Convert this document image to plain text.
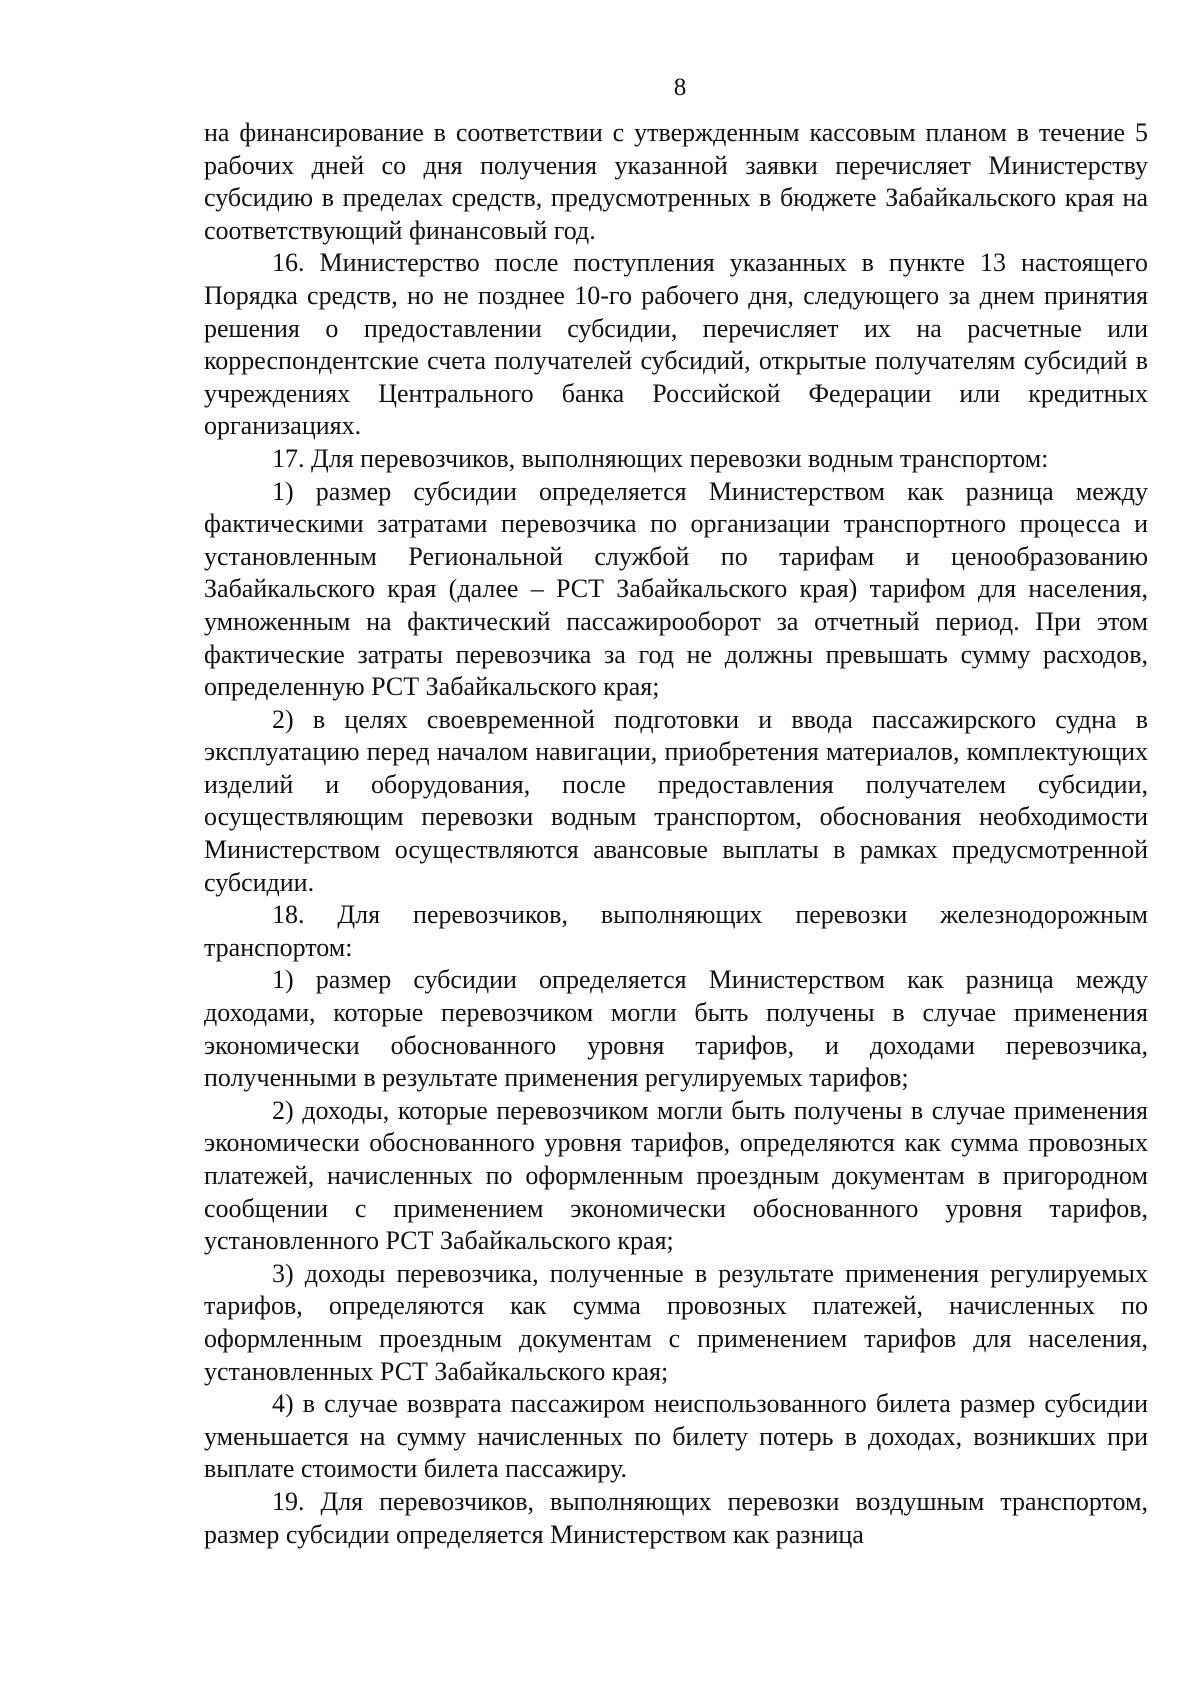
8

на финансирование в соответствии с утвержденным кассовым планом в течение 5 рабочих дней со дня получения указанной заявки перечисляет Министерству субсидию в пределах средств, предусмотренных в бюджете Забайкальского края на соответствующий финансовый год.

16. Министерство после поступления указанных в пункте 13 настоящего Порядка средств, но не позднее 10-го рабочего дня, следующего за днем принятия решения о предоставлении субсидии, перечисляет их на расчетные или корреспондентские счета получателей субсидий, открытые получателям субсидий в учреждениях Центрального банка Российской Федерации или кредитных организациях.

17. Для перевозчиков, выполняющих перевозки водным транспортом:

1) размер субсидии определяется Министерством как разница между фактическими затратами перевозчика по организации транспортного процесса и установленным Региональной службой по тарифам и ценообразованию Забайкальского края (далее – РСТ Забайкальского края) тарифом для населения, умноженным на фактический пассажирооборот за отчетный период. При этом фактические затраты перевозчика за год не должны превышать сумму расходов, определенную РСТ Забайкальского края;

2) в целях своевременной подготовки и ввода пассажирского судна в эксплуатацию перед началом навигации, приобретения материалов, комплектующих изделий и оборудования, после предоставления получателем субсидии, осуществляющим перевозки водным транспортом, обоснования необходимости Министерством осуществляются авансовые выплаты в рамках предусмотренной субсидии.

18. Для перевозчиков, выполняющих перевозки железнодорожным транспортом:

1) размер субсидии определяется Министерством как разница между доходами, которые перевозчиком могли быть получены в случае применения экономически обоснованного уровня тарифов, и доходами перевозчика, полученными в результате применения регулируемых тарифов;

2) доходы, которые перевозчиком могли быть получены в случае применения экономически обоснованного уровня тарифов, определяются как сумма провозных платежей, начисленных по оформленным проездным документам в пригородном сообщении с применением экономически обоснованного уровня тарифов, установленного РСТ Забайкальского края;

3) доходы перевозчика, полученные в результате применения регулируемых тарифов, определяются как сумма провозных платежей, начисленных по оформленным проездным документам с применением тарифов для населения, установленных РСТ Забайкальского края;

4) в случае возврата пассажиром неиспользованного билета размер субсидии уменьшается на сумму начисленных по билету потерь в доходах, возникших при выплате стоимости билета пассажиру.

19. Для перевозчиков, выполняющих перевозки воздушным транспортом, размер субсидии определяется Министерством как разница
